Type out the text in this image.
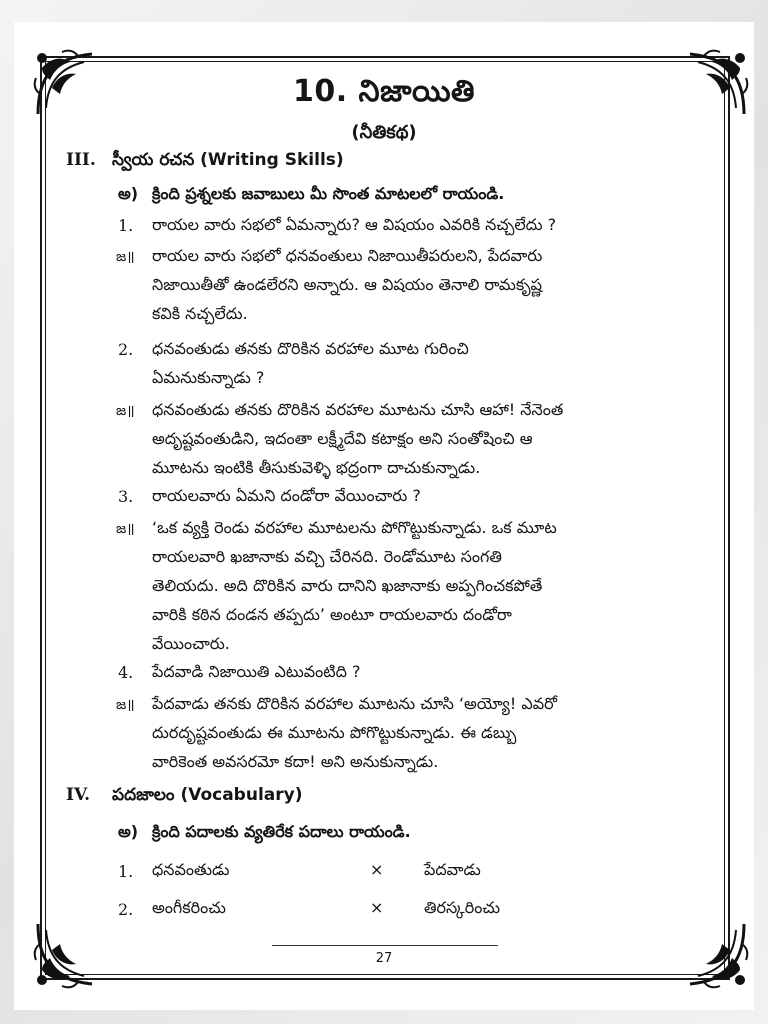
10. నిజాయితి
(నీతికథ)
III. స్వీయ రచన (Writing Skills)
అ) క్రింది ప్రశ్నలకు జవాబులు మీ సొంత మాటలలో రాయండి.
1. రాయల వారు సభలో ఏమన్నారు? ఆ విషయం ఎవరికి నచ్చలేదు ?
జ॥ రాయల వారు సభలో ధనవంతులు నిజాయితీపరులని, పేదవారు
నిజాయితీతో ఉండలేరని అన్నారు. ఆ విషయం తెనాలి రామకృష్ణ
కవికి నచ్చలేదు.
2. ధనవంతుడు తనకు దొరికిన వరహాల మూట గురించి
ఏమనుకున్నాడు ?
జ॥ ధనవంతుడు తనకు దొరికిన వరహాల మూటను చూసి ఆహా! నేనెంత
అదృష్టవంతుడిని, ఇదంతా లక్ష్మీదేవి కటాక్షం అని సంతోషించి ఆ
మూటను ఇంటికి తీసుకువెళ్ళి భద్రంగా దాచుకున్నాడు.
3. రాయలవారు ఏమని దండోరా వేయించారు ?
జ॥ ‘ఒక వ్యక్తి రెండు వరహాల మూటలను పోగొట్టుకున్నాడు. ఒక మూట
రాయలవారి ఖజానాకు వచ్చి చేరినది. రెండోమూట సంగతి
తెలియదు. అది దొరికిన వారు దానిని ఖజానాకు అప్పగించకపోతే
వారికి కఠిన దండన తప్పదు’ అంటూ రాయలవారు దండోరా
వేయించారు.
4. పేదవాడి నిజాయితి ఎటువంటిది ?
జ॥ పేదవాడు తనకు దొరికిన వరహాల మూటను చూసి ‘అయ్యో! ఎవరో
దురదృష్టవంతుడు ఈ మూటను పోగొట్టుకున్నాడు. ఈ డబ్బు
వారికెంత అవసరమో కదా! అని అనుకున్నాడు.
IV. పదజాలం (Vocabulary)
అ) క్రింది పదాలకు వ్యతిరేక పదాలు రాయండి.
1. ధనవంతుడు	×	పేదవాడు
2. అంగీకరించు	×	తిరస్కరించు
27
